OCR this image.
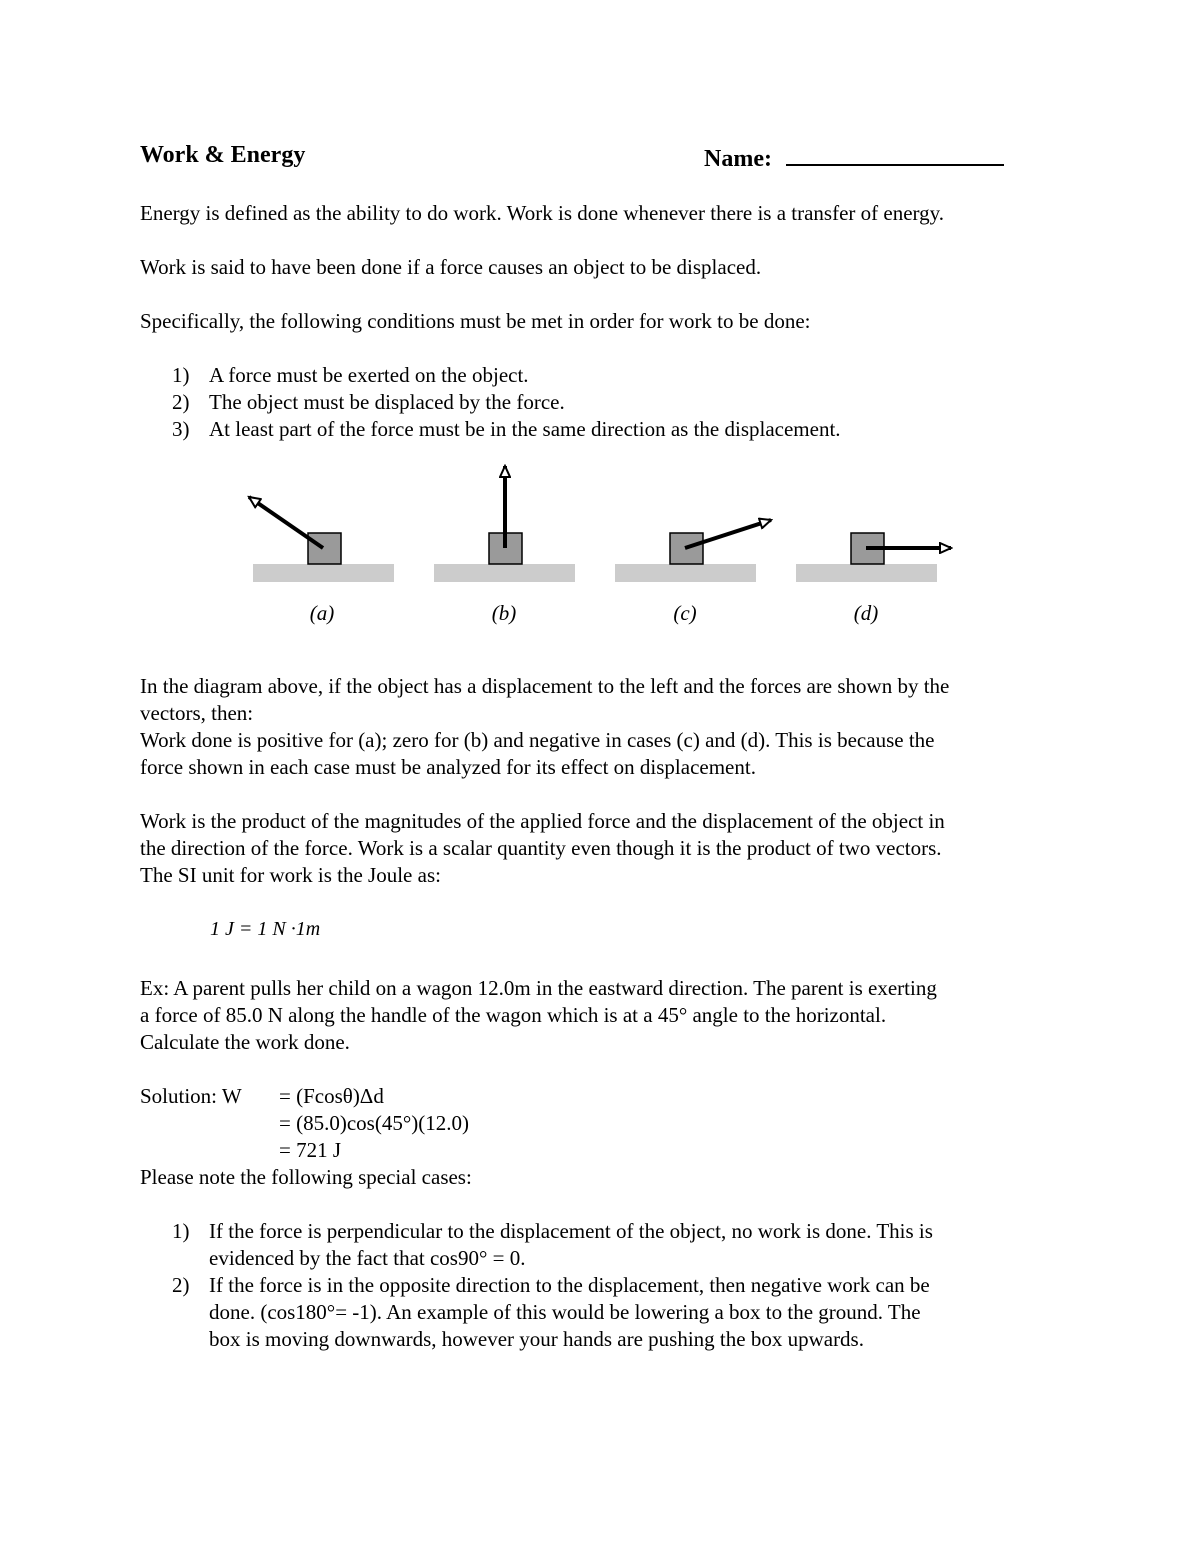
Work & Energy	Name:
Energy is defined as the ability to do work. Work is done whenever there is a transfer of energy.
Work is said to have been done if a force causes an object to be displaced.
Specifically, the following conditions must be met in order for work to be done:
1) A force must be exerted on the object.
2) The object must be displaced by the force.
3) At least part of the force must be in the same direction as the displacement.
(a)	(b)	(c)	(d)
In the diagram above, if the object has a displacement to the left and the forces are shown by the
vectors, then:
Work done is positive for (a); zero for (b) and negative in cases (c) and (d). This is because the
force shown in each case must be analyzed for its effect on displacement.
Work is the product of the magnitudes of the applied force and the displacement of the object in
the direction of the force. Work is a scalar quantity even though it is the product of two vectors.
The SI unit for work is the Joule as:
1 J = 1 N ·1m
Ex: A parent pulls her child on a wagon 12.0m in the eastward direction. The parent is exerting
a force of 85.0 N along the handle of the wagon which is at a 45° angle to the horizontal.
Calculate the work done.
Solution: W = (Fcosθ)Δd
= (85.0)cos(45°)(12.0)
= 721 J
Please note the following special cases:
1) If the force is perpendicular to the displacement of the object, no work is done. This is
evidenced by the fact that cos90° = 0.
2) If the force is in the opposite direction to the displacement, then negative work can be
done. (cos180°= -1). An example of this would be lowering a box to the ground. The
box is moving downwards, however your hands are pushing the box upwards.
